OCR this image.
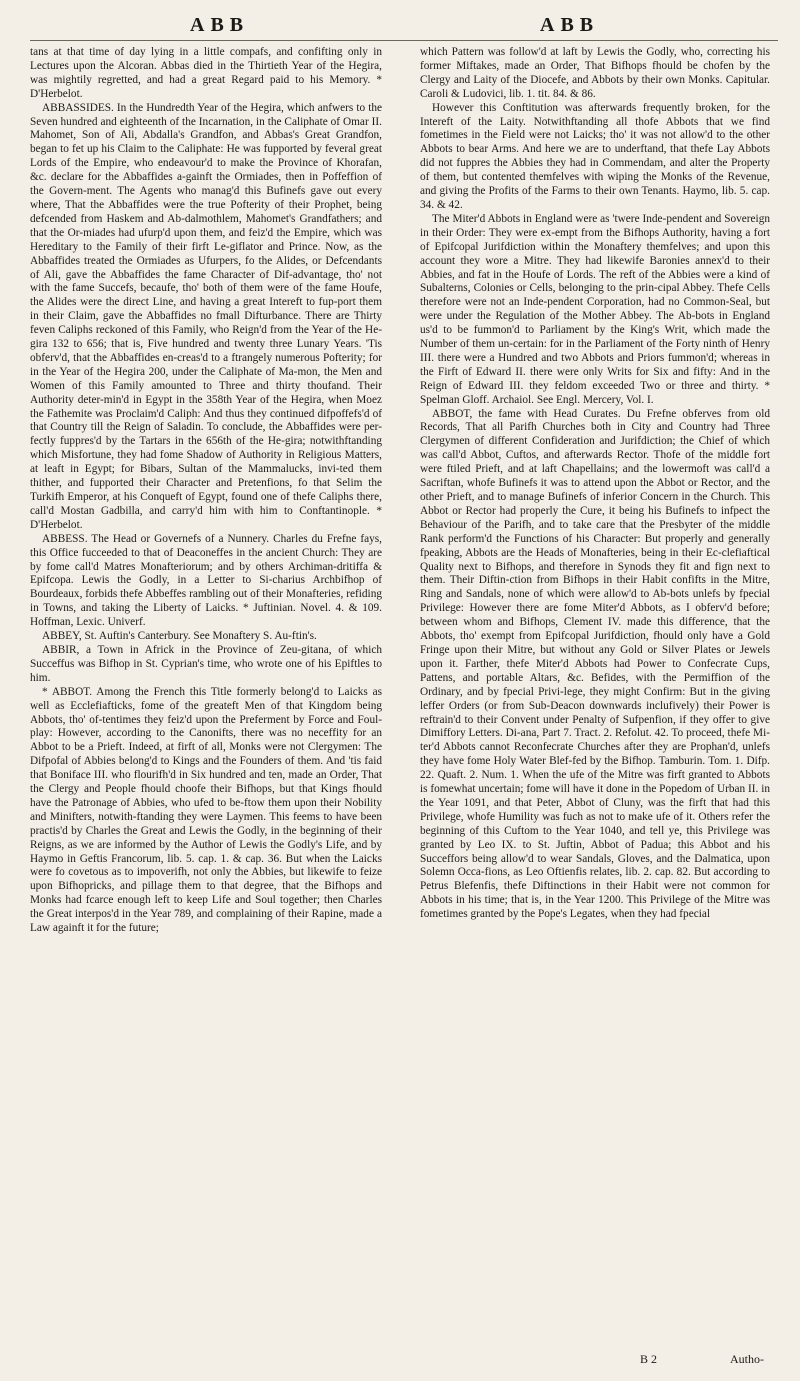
ABB	ABB

tans at that time of day lying in a little compafs, and confifting only in Lectures upon the Alcoran. Abbas died in the Thirtieth Year of the Hegira, was mightily regretted, and had a great Regard paid to his Memory. * D'Herbelot.

ABBASSIDES. In the Hundredth Year of the Hegira, which anfwers to the Seven hundred and eighteenth of the Incarnation, in the Caliphate of Omar II. Mahomet, Son of Ali, Abdalla's Grandfon, and Abbas's Great Grandfon, began to fet up his Claim to the Caliphate: He was fupported by feveral great Lords of the Empire, who endeavour'd to make the Province of Khorafan, &c. declare for the Abbaffides a-gainft the Ormiades, then in Poffeffion of the Govern-ment. The Agents who manag'd this Bufinefs gave out every where, That the Abbaffides were the true Pofterity of their Prophet, being defcended from Haskem and Ab-dalmothlem, Mahomet's Grandfathers; and that the Or-miades had ufurp'd upon them, and feiz'd the Empire, which was Hereditary to the Family of their firft Le-giflator and Prince. Now, as the Abbaffides treated the Ormiades as Ufurpers, fo the Alides, or Defcendants of Ali, gave the Abbaffides the fame Character of Dif-advantage, tho' not with the fame Succefs, becaufe, tho' both of them were of the fame Houfe, the Alides were the direct Line, and having a great Intereft to fup-port them in their Claim, gave the Abbaffides no fmall Difturbance. There are Thirty feven Caliphs reckoned of this Family, who Reign'd from the Year of the He-gira 132 to 656; that is, Five hundred and twenty three Lunary Years. 'Tis obferv'd, that the Abbaffides en-creas'd to a ftrangely numerous Pofterity; for in the Year of the Hegira 200, under the Caliphate of Ma-mon, the Men and Women of this Family amounted to Three and thirty thoufand. Their Authority deter-min'd in Egypt in the 358th Year of the Hegira, when Moez the Fathemite was Proclaim'd Caliph: And thus they continued difpoffefs'd of that Country till the Reign of Saladin. To conclude, the Abbaffides were per-fectly fuppres'd by the Tartars in the 656th of the He-gira; notwithftanding which Misfortune, they had fome Shadow of Authority in Religious Matters, at leaft in Egypt; for Bibars, Sultan of the Mammalucks, invi-ted them thither, and fupported their Character and Pretenfions, fo that Selim the Turkifh Emperor, at his Conqueft of Egypt, found one of thefe Caliphs there, call'd Mostan Gadbilla, and carry'd him with him to Conftantinople. * D'Herbelot.

ABBESS. The Head or Governefs of a Nunnery. Charles du Frefne fays, this Office fucceeded to that of Deaconeffes in the ancient Church: They are by fome call'd Matres Monafteriorum; and by others Archiman-dritiffa & Epifcopa. Lewis the Godly, in a Letter to Si-charius Archbifhop of Bourdeaux, forbids thefe Abbeffes rambling out of their Monafteries, refiding in Towns, and taking the Liberty of Laicks. * Juftinian. Novel. 4. & 109. Hoffman, Lexic. Univerf.

ABBEY, St. Auftin's Canterbury. See Monaftery S. Au-ftin's.

ABBIR, a Town in Africk in the Province of Zeu-gitana, of which Succeffus was Bifhop in St. Cyprian's time, who wrote one of his Epiftles to him.

* ABBOT. Among the French this Title formerly belong'd to Laicks as well as Ecclefiafticks, fome of the greateft Men of that Kingdom being Abbots, tho' of-tentimes they feiz'd upon the Preferment by Force and Foul-play: However, according to the Canonifts, there was no neceffity for an Abbot to be a Prieft. Indeed, at firft of all, Monks were not Clergymen: The Difpofal of Abbies belong'd to Kings and the Founders of them. And 'tis faid that Boniface III. who flourifh'd in Six hundred and ten, made an Order, That the Clergy and People fhould choofe their Bifhops, but that Kings fhould have the Patronage of Abbies, who ufed to be-ftow them upon their Nobility and Minifters, notwith-ftanding they were Laymen. This feems to have been practis'd by Charles the Great and Lewis the Godly, in the beginning of their Reigns, as we are informed by the Author of Lewis the Godly's Life, and by Haymo in Geftis Francorum, lib. 5. cap. 1. & cap. 36. But when the Laicks were fo covetous as to impoverifh, not only the Abbies, but likewife to feize upon Bifhopricks, and pillage them to that degree, that the Bifhops and Monks had fcarce enough left to keep Life and Soul together; then Charles the Great interpos'd in the Year 789, and complaining of their Rapine, made a Law againft it for the future;

which Pattern was follow'd at laft by Lewis the Godly, who, correcting his former Miftakes, made an Order, That Bifhops fhould be chofen by the Clergy and Laity of the Diocefe, and Abbots by their own Monks. Capitular. Caroli & Ludovici, lib. 1. tit. 84. & 86.

However this Conftitution was afterwards frequently broken, for the Intereft of the Laity. Notwithftanding all thofe Abbots that we find fometimes in the Field were not Laicks; tho' it was not allow'd to the other Abbots to bear Arms. And here we are to underftand, that thefe Lay Abbots did not fuppres the Abbies they had in Commendam, and alter the Property of them, but contented themfelves with wiping the Monks of the Revenue, and giving the Profits of the Farms to their own Tenants. Haymo, lib. 5. cap. 34. & 42.

The Miter'd Abbots in England were as 'twere Inde-pendent and Sovereign in their Order: They were ex-empt from the Bifhops Authority, having a fort of Epifcopal Jurifdiction within the Monaftery themfelves; and upon this account they wore a Mitre. They had likewife Baronies annex'd to their Abbies, and fat in the Houfe of Lords. The reft of the Abbies were a kind of Subalterns, Colonies or Cells, belonging to the prin-cipal Abbey. Thefe Cells therefore were not an Inde-pendent Corporation, had no Common-Seal, but were under the Regulation of the Mother Abbey. The Ab-bots in England us'd to be fummon'd to Parliament by the King's Writ, which made the Number of them un-certain: for in the Parliament of the Forty ninth of Henry III. there were a Hundred and two Abbots and Priors fummon'd; whereas in the Firft of Edward II. there were only Writs for Six and fifty: And in the Reign of Edward III. they feldom exceeded Two or three and thirty. * Spelman Gloff. Archaiol. See Engl. Mercery, Vol. I.

ABBOT, the fame with Head Curates. Du Frefne obferves from old Records, That all Parifh Churches both in City and Country had Three Clergymen of different Confideration and Jurifdiction; the Chief of which was call'd Abbot, Cuftos, and afterwards Rector. Thofe of the middle fort were ftiled Prieft, and at laft Chapellains; and the lowermoft was call'd a Sacriftan, whofe Bufinefs it was to attend upon the Abbot or Rector, and the other Prieft, and to manage Bufinefs of inferior Concern in the Church. This Abbot or Rector had properly the Cure, it being his Bufinefs to infpect the Behaviour of the Parifh, and to take care that the Presbyter of the middle Rank perform'd the Functions of his Character: But properly and generally fpeaking, Abbots are the Heads of Monafteries, being in their Ec-clefiaftical Quality next to Bifhops, and therefore in Synods they fit and fign next to them. Their Diftin-ction from Bifhops in their Habit confifts in the Mitre, Ring and Sandals, none of which were allow'd to Ab-bots unlefs by fpecial Privilege: However there are fome Miter'd Abbots, as I obferv'd before; between whom and Bifhops, Clement IV. made this difference, that the Abbots, tho' exempt from Epifcopal Jurifdiction, fhould only have a Gold Fringe upon their Mitre, but without any Gold or Silver Plates or Jewels upon it. Farther, thefe Miter'd Abbots had Power to Confecrate Cups, Pattens, and portable Altars, &c. Befides, with the Permiffion of the Ordinary, and by fpecial Privi-lege, they might Confirm: But in the giving leffer Orders (or from Sub-Deacon downwards inclufively) their Power is reftrain'd to their Convent under Penalty of Sufpenfion, if they offer to give Dimiffory Letters. Di-ana, Part 7. Tract. 2. Refolut. 42. To proceed, thefe Mi-ter'd Abbots cannot Reconfecrate Churches after they are Prophan'd, unlefs they have fome Holy Water Blef-fed by the Bifhop. Tamburin. Tom. 1. Difp. 22. Quaft. 2. Num. 1. When the ufe of the Mitre was firft granted to Abbots is fomewhat uncertain; fome will have it done in the Popedom of Urban II. in the Year 1091, and that Peter, Abbot of Cluny, was the firft that had this Privilege, whofe Humility was fuch as not to make ufe of it. Others refer the beginning of this Cuftom to the Year 1040, and tell ye, this Privilege was granted by Leo IX. to St. Juftin, Abbot of Padua; this Abbot and his Succeffors being allow'd to wear Sandals, Gloves, and the Dalmatica, upon Solemn Occa-fions, as Leo Oftienfis relates, lib. 2. cap. 82. But according to Petrus Blefenfis, thefe Diftinctions in their Habit were not common for Abbots in his time; that is, in the Year 1200. This Privilege of the Mitre was fometimes granted by the Pope's Legates, when they had fpecial

B 2	Autho-
